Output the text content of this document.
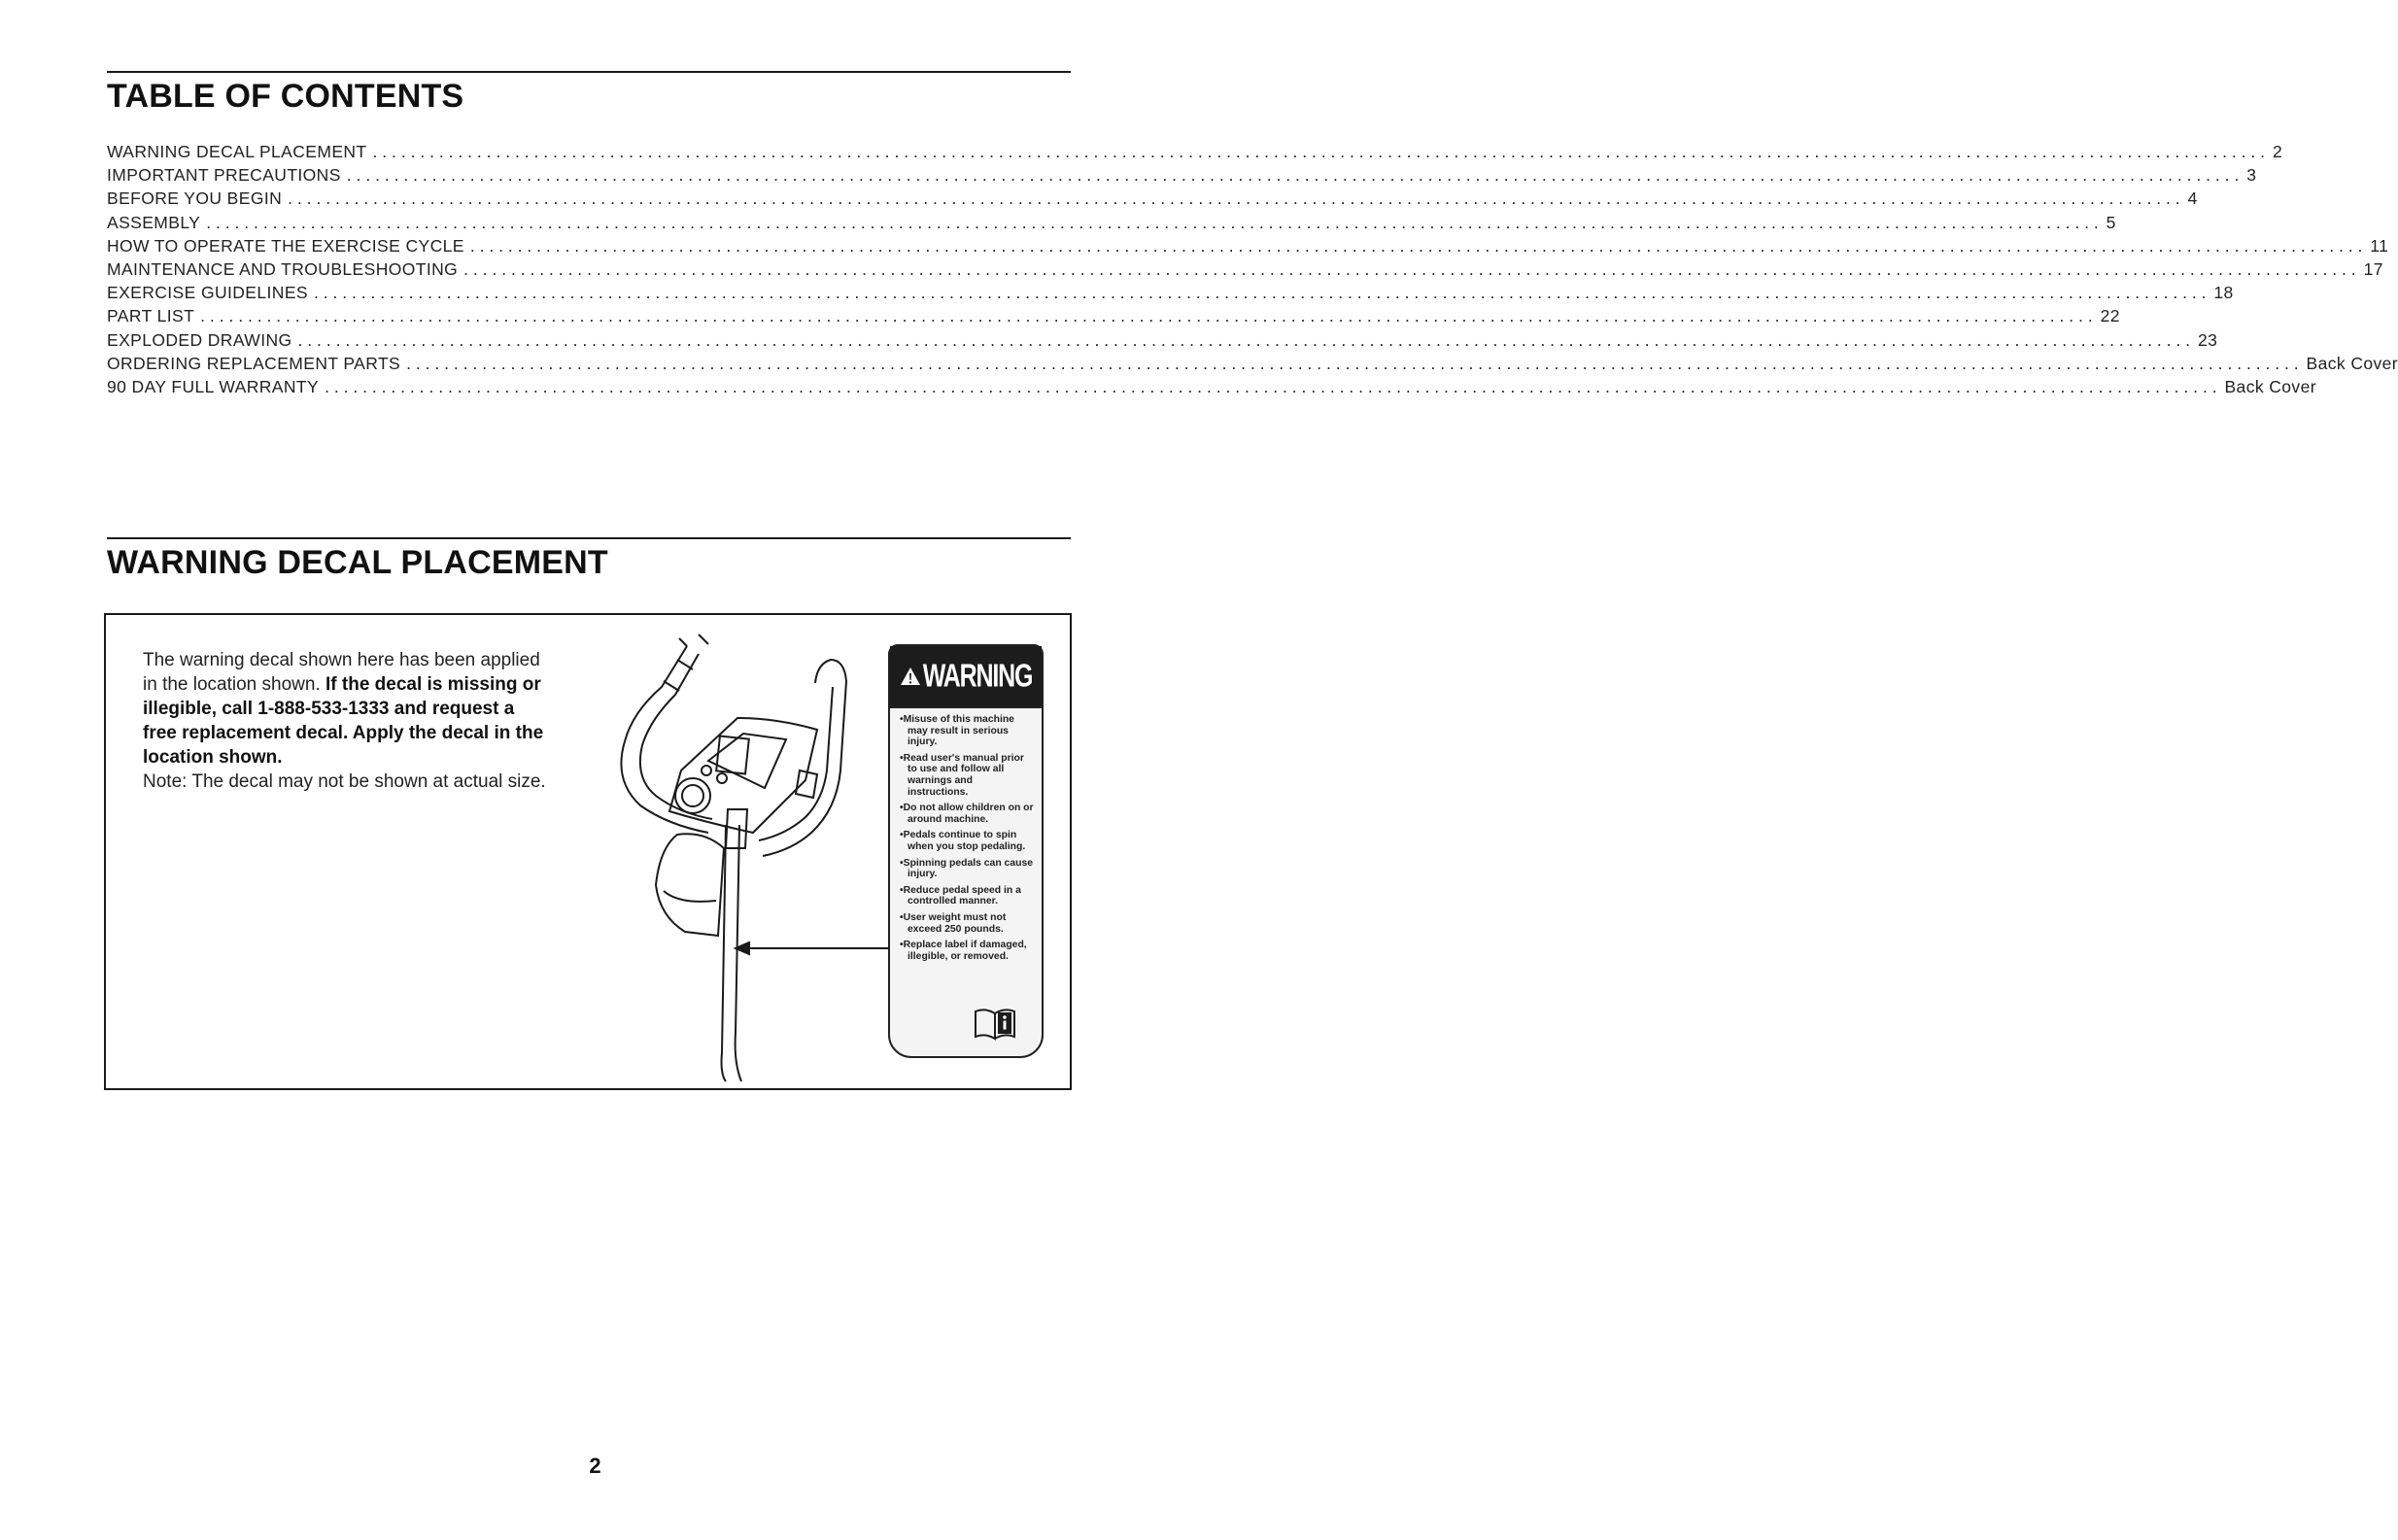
TABLE OF CONTENTS
WARNING DECAL PLACEMENT ........................................................................................................................................................................................................ 2
IMPORTANT PRECAUTIONS ........................................................................................................................................................................................................ 3
BEFORE YOU BEGIN ........................................................................................................................................................................................................ 4
ASSEMBLY ........................................................................................................................................................................................................ 5
HOW TO OPERATE THE EXERCISE CYCLE ........................................................................................................................................................................................................ 11
MAINTENANCE AND TROUBLESHOOTING ........................................................................................................................................................................................................ 17
EXERCISE GUIDELINES ........................................................................................................................................................................................................ 18
PART LIST ........................................................................................................................................................................................................ 22
EXPLODED DRAWING ........................................................................................................................................................................................................ 23
ORDERING REPLACEMENT PARTS ........................................................................................................................................................................................................ Back Cover
90 DAY FULL WARRANTY ........................................................................................................................................................................................................ Back Cover
WARNING DECAL PLACEMENT
The warning decal shown here has been applied in the location shown. If the decal is missing or illegible, call 1-888-533-1333 and request a free replacement decal. Apply the decal in the location shown.
Note: The decal may not be shown at actual size.
WARNING
• Misuse of this machine may result in serious injury.
• Read user's manual prior to use and follow all warnings and instructions.
• Do not allow children on or around machine.
• Pedals continue to spin when you stop pedaling.
• Spinning pedals can cause injury.
• Reduce pedal speed in a controlled manner.
• User weight must not exceed 250 pounds.
• Replace label if damaged, illegible, or removed.
2
